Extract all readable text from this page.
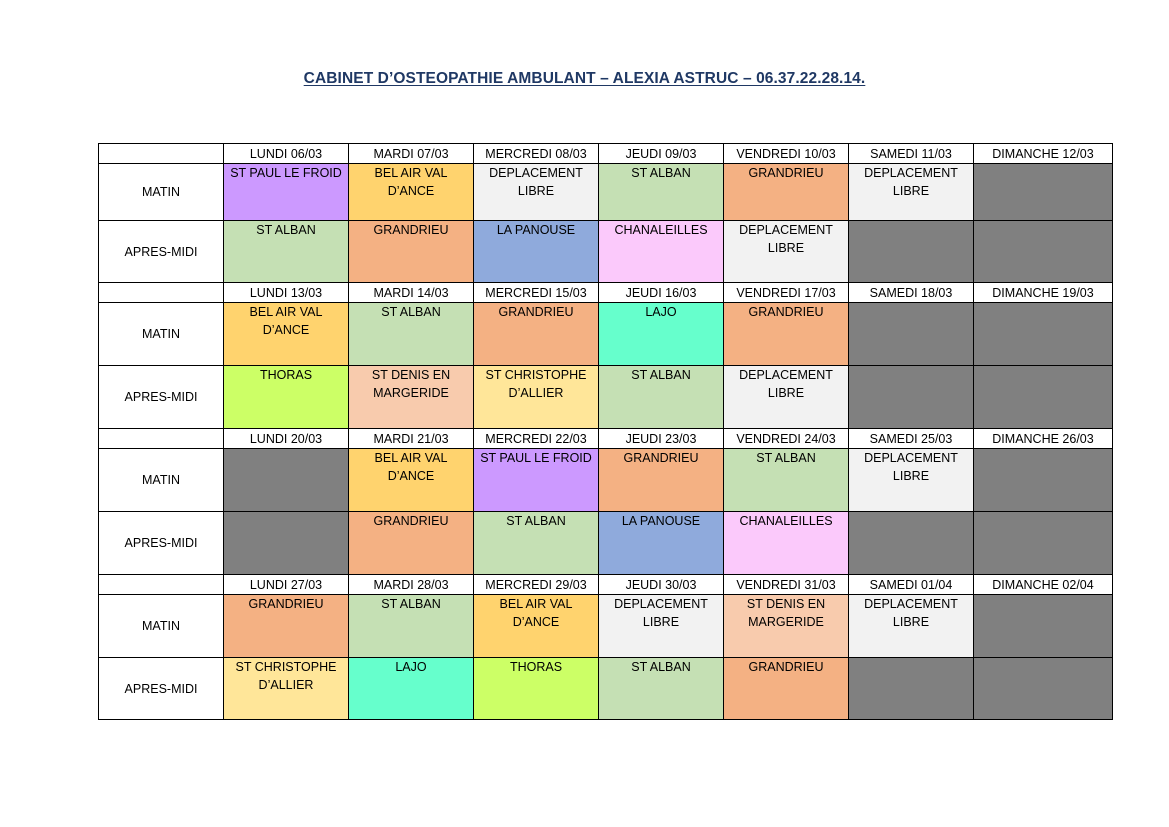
CABINET D’OSTEOPATHIE AMBULANT – ALEXIA ASTRUC – 06.37.22.28.14.
	LUNDI 06/03	MARDI 07/03	MERCREDI 08/03	JEUDI 09/03	VENDREDI 10/03	SAMEDI 11/03	DIMANCHE 12/03
MATIN	ST PAUL LE FROID	BEL AIR VAL D’ANCE	DEPLACEMENT LIBRE	ST ALBAN	GRANDRIEU	DEPLACEMENT LIBRE	
APRES-MIDI	ST ALBAN	GRANDRIEU	LA PANOUSE	CHANALEILLES	DEPLACEMENT LIBRE		
	LUNDI 13/03	MARDI 14/03	MERCREDI 15/03	JEUDI 16/03	VENDREDI 17/03	SAMEDI 18/03	DIMANCHE 19/03
MATIN	BEL AIR VAL D’ANCE	ST ALBAN	GRANDRIEU	LAJO	GRANDRIEU		
APRES-MIDI	THORAS	ST DENIS EN MARGERIDE	ST CHRISTOPHE D’ALLIER	ST ALBAN	DEPLACEMENT LIBRE		
	LUNDI 20/03	MARDI 21/03	MERCREDI 22/03	JEUDI 23/03	VENDREDI 24/03	SAMEDI 25/03	DIMANCHE 26/03
MATIN		BEL AIR VAL D’ANCE	ST PAUL LE FROID	GRANDRIEU	ST ALBAN	DEPLACEMENT LIBRE	
APRES-MIDI		GRANDRIEU	ST ALBAN	LA PANOUSE	CHANALEILLES		
	LUNDI 27/03	MARDI 28/03	MERCREDI 29/03	JEUDI 30/03	VENDREDI 31/03	SAMEDI 01/04	DIMANCHE 02/04
MATIN	GRANDRIEU	ST ALBAN	BEL AIR VAL D’ANCE	DEPLACEMENT LIBRE	ST DENIS EN MARGERIDE	DEPLACEMENT LIBRE	
APRES-MIDI	ST CHRISTOPHE D’ALLIER	LAJO	THORAS	ST ALBAN	GRANDRIEU		
